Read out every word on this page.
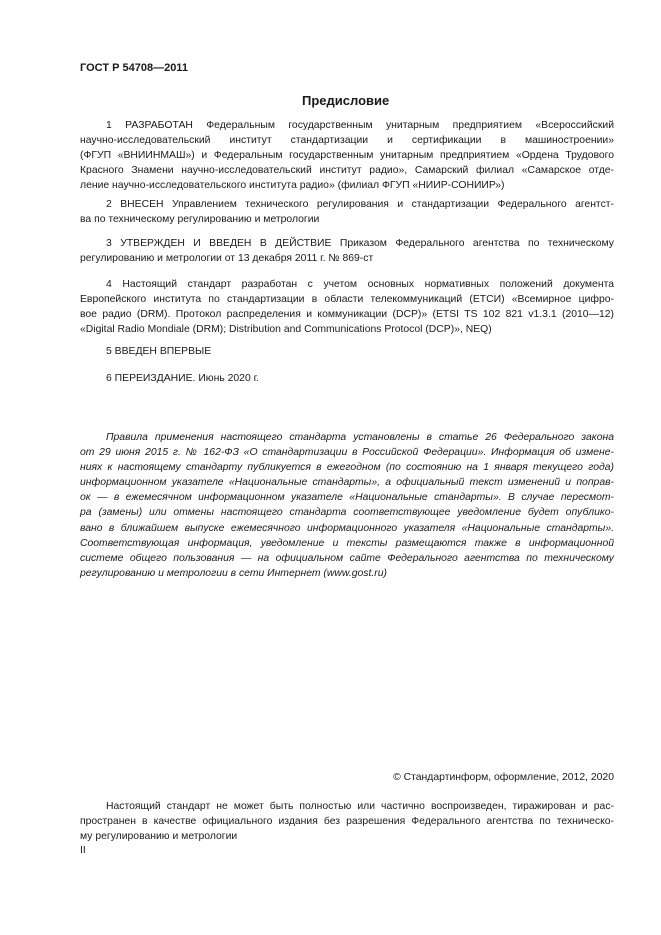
ГОСТ Р 54708—2011
Предисловие

1 РАЗРАБОТАН Федеральным государственным унитарным предприятием «Всероссийский
научно-исследовательский институт стандартизации и сертификации в машиностроении»
(ФГУП «ВНИИНМАШ») и Федеральным государственным унитарным предприятием «Ордена Трудового
Красного Знамени научно-исследовательский институт радио», Самарский филиал «Самарское отде-
ление научно-исследовательского института радио» (филиал ФГУП «НИИР-СОНИИР»)

2 ВНЕСЕН Управлением технического регулирования и стандартизации Федерального агентст-
ва по техническому регулированию и метрологии

3 УТВЕРЖДЕН И ВВЕДЕН В ДЕЙСТВИЕ Приказом Федерального агентства по техническому
регулированию и метрологии от 13 декабря 2011 г. № 869-ст

4 Настоящий стандарт разработан с учетом основных нормативных положений документа
Европейского института по стандартизации в области телекоммуникаций (ЕТСИ) «Всемирное цифро-
вое радио (DRM). Протокол распределения и коммуникации (DCP)» (ETSI TS 102 821 v1.3.1 (2010—12)
«Digital Radio Mondiale (DRM); Distribution and Communications Protocol (DCP)», NEQ)

5 ВВЕДЕН ВПЕРВЫЕ

6 ПЕРЕИЗДАНИЕ. Июнь 2020 г.

Правила применения настоящего стандарта установлены в статье 26 Федерального закона
от 29 июня 2015 г. № 162-ФЗ «О стандартизации в Российской Федерации». Информация об измене-
ниях к настоящему стандарту публикуется в ежегодном (по состоянию на 1 января текущего года)
информационном указателе «Национальные стандарты», а официальный текст изменений и поправ-
ок — в ежемесячном информационном указателе «Национальные стандарты». В случае пересмот-
ра (замены) или отмены настоящего стандарта соответствующее уведомление будет опублико-
вано в ближайшем выпуске ежемесячного информационного указателя «Национальные стандарты».
Соответствующая информация, уведомление и тексты размещаются также в информационной
системе общего пользования — на официальном сайте Федерального агентства по техническому
регулированию и метрологии в сети Интернет (www.gost.ru)

© Стандартинформ, оформление, 2012, 2020

Настоящий стандарт не может быть полностью или частично воспроизведен, тиражирован и рас-
пространен в качестве официального издания без разрешения Федерального агентства по техническо-
му регулированию и метрологии

II
